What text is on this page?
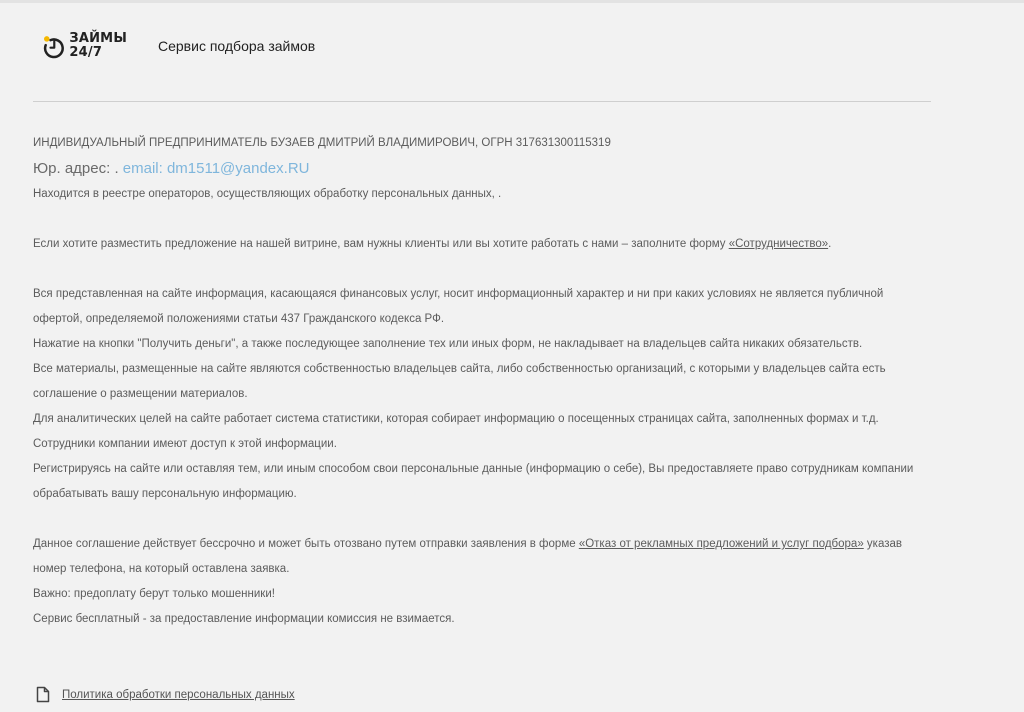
ЗАЙМЫ
24/7	Сервис подбора займов

ИНДИВИДУАЛЬНЫЙ ПРЕДПРИНИМАТЕЛЬ БУЗАЕВ ДМИТРИЙ ВЛАДИМИРОВИЧ, ОГРН 317631300115319

Юр. адрес: . email: dm1511@yandex.RU

Находится в реестре операторов, осуществляющих обработку персональных данных, .

Если хотите разместить предложение на нашей витрине, вам нужны клиенты или вы хотите работать с нами – заполните форму «Сотрудничество».

Вся представленная на сайте информация, касающаяся финансовых услуг, носит информационный характер и ни при каких условиях не является публичной офертой, определяемой положениями статьи 437 Гражданского кодекса РФ.

Нажатие на кнопки "Получить деньги", а также последующее заполнение тех или иных форм, не накладывает на владельцев сайта никаких обязательств.

Все материалы, размещенные на сайте являются собственностью владельцев сайта, либо собственностью организаций, с которыми у владельцев сайта есть соглашение о размещении материалов.

Для аналитических целей на сайте работает система статистики, которая собирает информацию о посещенных страницах сайта, заполненных формах и т.д. Сотрудники компании имеют доступ к этой информации.

Регистрируясь на сайте или оставляя тем, или иным способом свои персональные данные (информацию о себе), Вы предоставляете право сотрудникам компании обрабатывать вашу персональную информацию.

Данное соглашение действует бессрочно и может быть отозвано путем отправки заявления в форме «Отказ от рекламных предложений и услуг подбора» указав номер телефона, на который оставлена заявка.

Важно: предоплату берут только мошенники!

Сервис бесплатный - за предоставление информации комиссия не взимается.

Политика обработки персональных данных
